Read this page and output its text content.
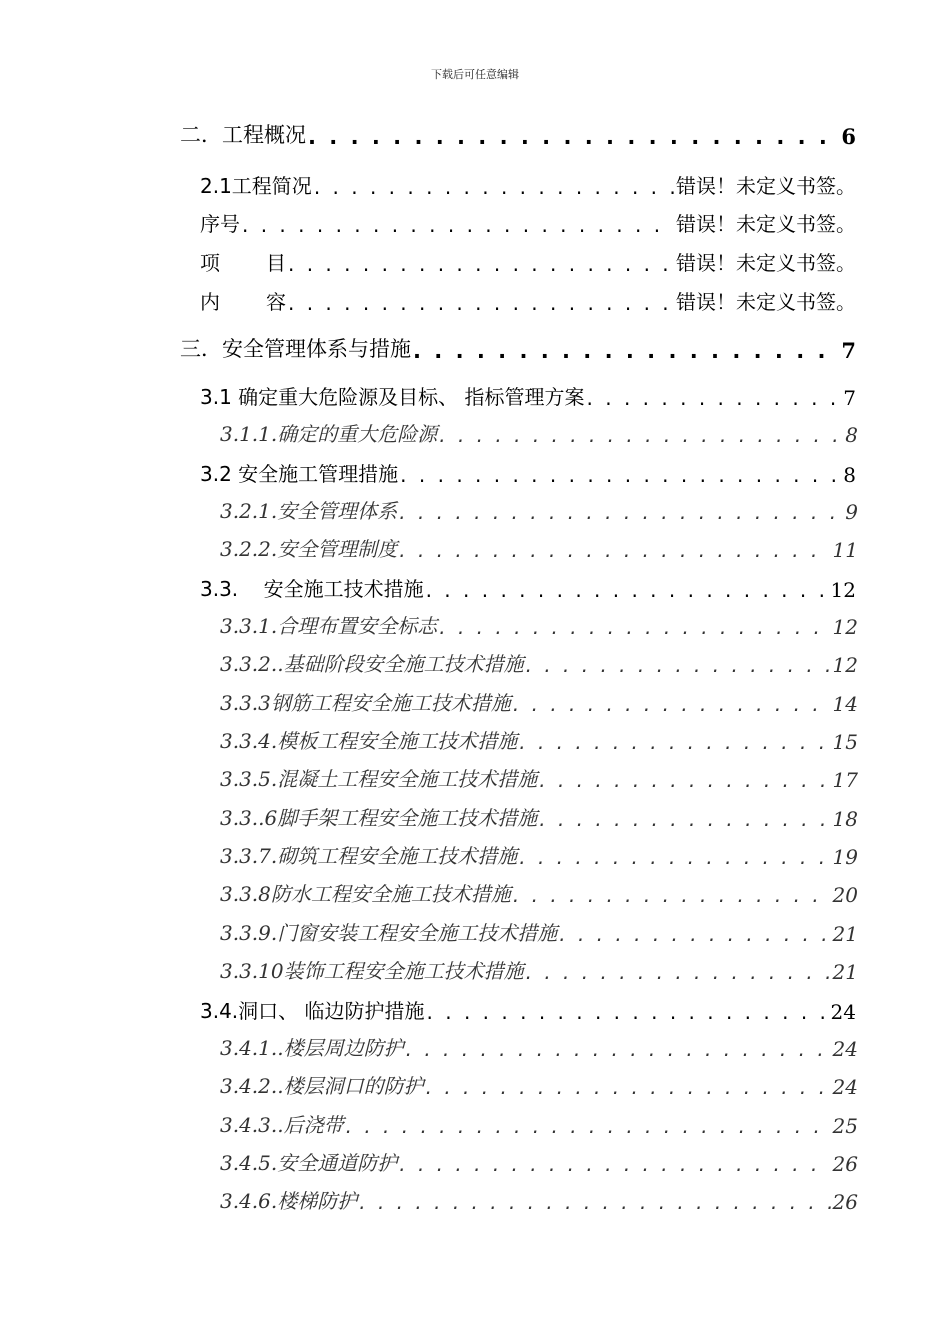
下载后可任意编辑
二．工程概况 . . .	6
2.1工程简况 . . .	错误！未定义书签。
序号 . . .	错误！未定义书签。
项 目 . . .	错误！未定义书签。
内 容 . . .	错误！未定义书签。
三．安全管理体系与措施 . . .	7
3.1 确定重大危险源及目标、 指标管理方案 . . .	7
3.1.1.确定的重大危险源 . . .	8
3.2 安全施工管理措施 . . .	8
3.2.1.安全管理体系 . . .	9
3.2.2.安全管理制度 . . .	11
3.3.    安全施工技术措施 . . .	12
3.3.1.合理布置安全标志 . . .	12
3.3.2..基础阶段安全施工技术措施 . . .	12
3.3.3钢筋工程安全施工技术措施 . . .	14
3.3.4.模板工程安全施工技术措施 . . .	15
3.3.5.混凝土工程安全施工技术措施 . . .	17
3.3..6脚手架工程安全施工技术措施 . . .	18
3.3.7.砌筑工程安全施工技术措施 . . .	19
3.3.8防水工程安全施工技术措施 . . .	20
3.3.9.门窗安装工程安全施工技术措施 . . .	21
3.3.10装饰工程安全施工技术措施 . . .	21
3.4.洞口、 临边防护措施 . . .	24
3.4.1..楼层周边防护 . . .	24
3.4.2..楼层洞口的防护 . . .	24
3.4.3..后浇带 . . .	25
3.4.5.安全通道防护 . . .	26
3.4.6.楼梯防护 . . .	26
